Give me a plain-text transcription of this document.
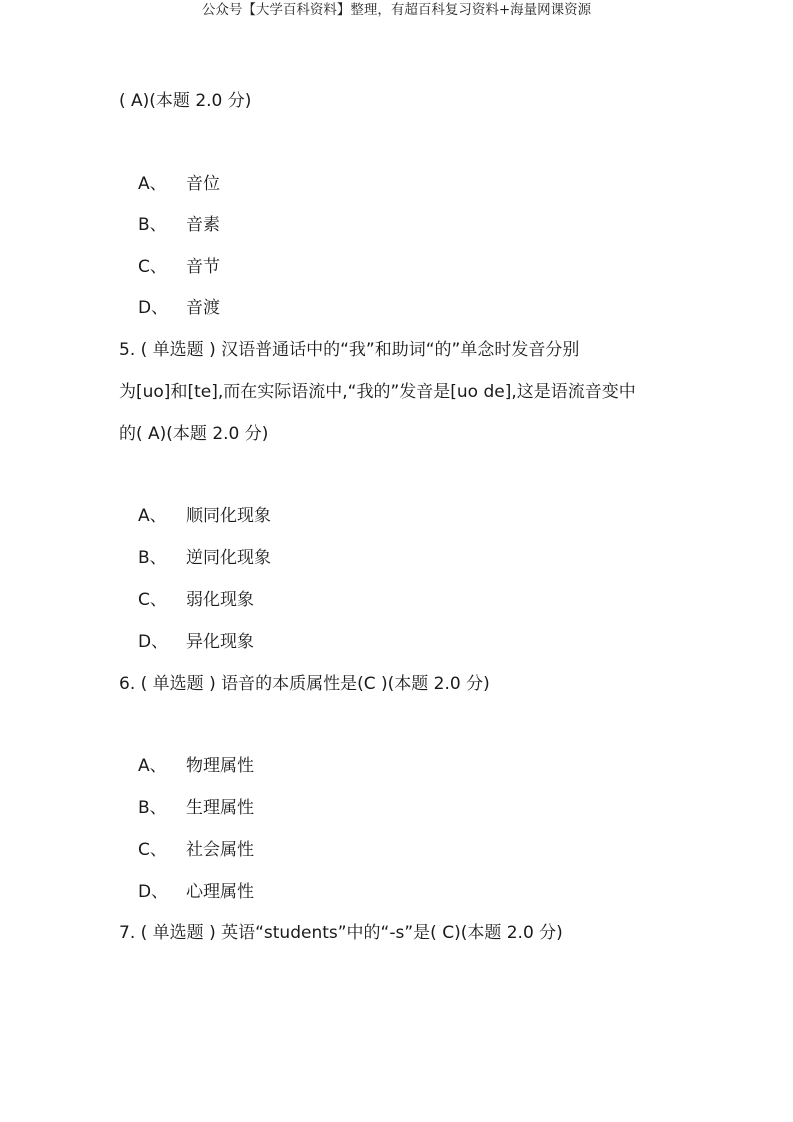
公众号【大学百科资料】整理，有超百科复习资料+海量网课资源
( A)(本题 2.0 分)
A、 音位
B、 音素
C、 音节
D、 音渡
5. ( 单选题 ) 汉语普通话中的“我”和助词“的”单念时发音分别
为[uo]和[te],而在实际语流中,“我的”发音是[uo de],这是语流音变中
的( A)(本题 2.0 分)
A、 顺同化现象
B、 逆同化现象
C、 弱化现象
D、 异化现象
6. ( 单选题 ) 语音的本质属性是(C )(本题 2.0 分)
A、 物理属性
B、 生理属性
C、 社会属性
D、 心理属性
7. ( 单选题 ) 英语“students”中的“-s”是( C)(本题 2.0 分)
